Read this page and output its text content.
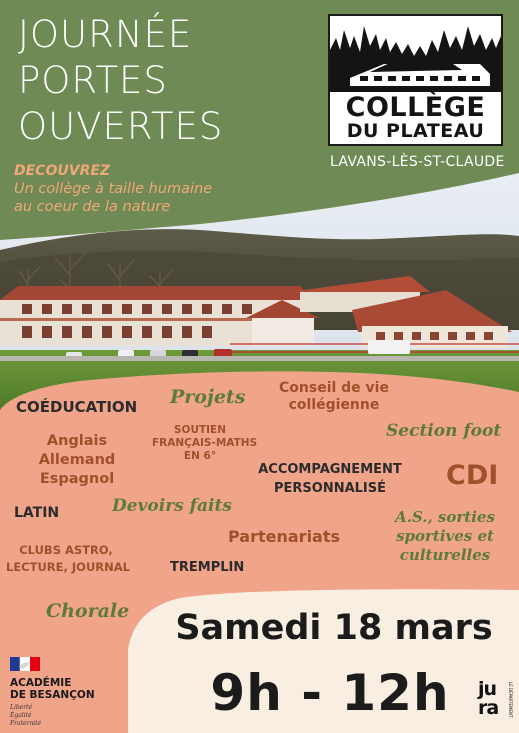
JOURNÉE
PORTES
OUVERTES
DECOUVREZ
Un collège à taille humaine
au coeur de la nature
COLLÈGE
DU PLATEAU
LAVANS-LÈS-ST-CLAUDE
COÉDUCATION Projets	Conseil de vie
collégienne
Section foot
Anglais
Allemand
Espagnol
SOUTIEN
FRANÇAIS-MATHS
EN 6°
ACCOMPAGNEMENT
PERSONNALISÉ	CDI
LATIN	Devoirs faits
Partenariats
A.S., sorties
sportives et
culturelles
CLUBS ASTRO,
LECTURE, JOURNAL	TREMPLIN
Chorale	Samedi 18 mars
9h - 12h
ACADÉMIE
DE BESANÇON
Liberté
Égalité
Fraternité
ju
ra LE DÉPARTEMENT
